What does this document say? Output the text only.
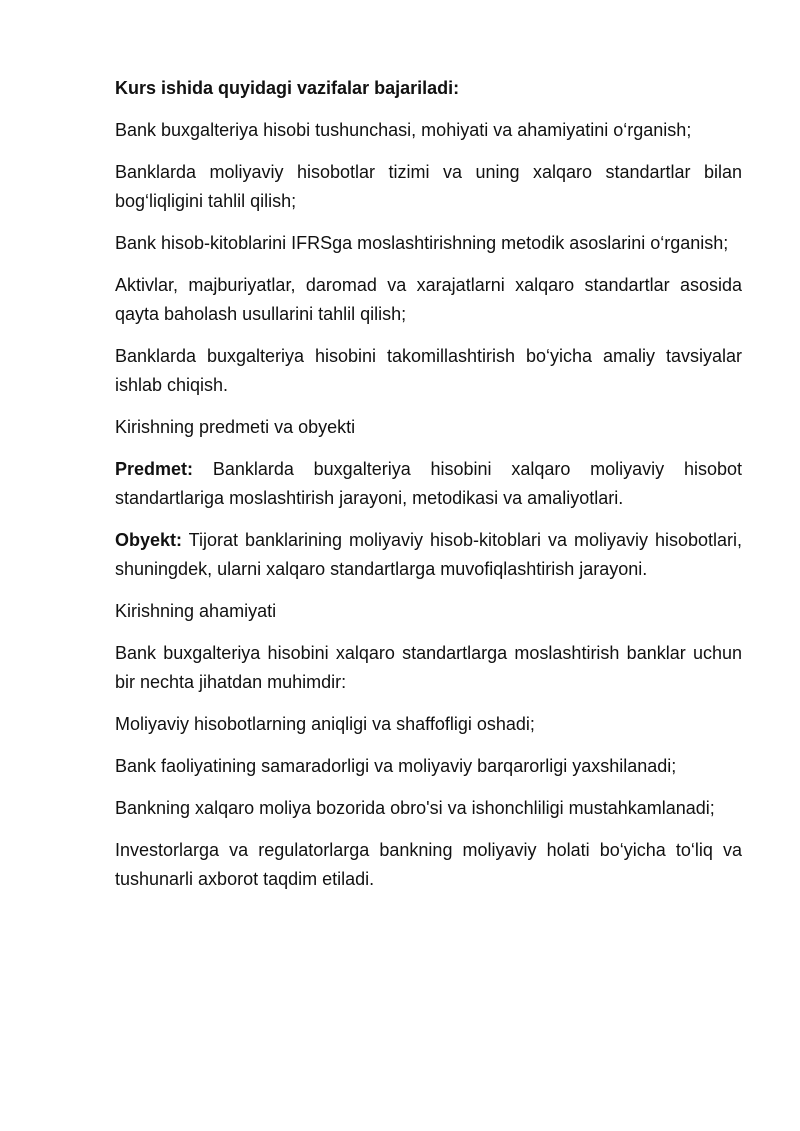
Kurs ishida quyidagi vazifalar bajariladi:

Bank buxgalteriya hisobi tushunchasi, mohiyati va ahamiyatini o‘rganish;

Banklarda moliyaviy hisobotlar tizimi va uning xalqaro standartlar bilan bog‘liqligini tahlil qilish;

Bank hisob-kitoblarini IFRSga moslashtirishning metodik asoslarini o‘rganish;

Aktivlar, majburiyatlar, daromad va xarajatlarni xalqaro standartlar asosida qayta baholash usullarini tahlil qilish;

Banklarda buxgalteriya hisobini takomillashtirish bo‘yicha amaliy tavsiyalar ishlab chiqish.

Kirishning predmeti va obyekti

Predmet: Banklarda buxgalteriya hisobini xalqaro moliyaviy hisobot standartlariga moslashtirish jarayoni, metodikasi va amaliyotlari.

Obyekt: Tijorat banklarining moliyaviy hisob-kitoblari va moliyaviy hisobotlari, shuningdek, ularni xalqaro standartlarga muvofiqlashtirish jarayoni.

Kirishning ahamiyati

Bank buxgalteriya hisobini xalqaro standartlarga moslashtirish banklar uchun bir nechta jihatdan muhimdir:

Moliyaviy hisobotlarning aniqligi va shaffofligi oshadi;

Bank faoliyatining samaradorligi va moliyaviy barqarorligi yaxshilanadi;

Bankning xalqaro moliya bozorida obro'si va ishonchliligi mustahkamlanadi;

Investorlarga va regulatorlarga bankning moliyaviy holati bo‘yicha to‘liq va tushunarli axborot taqdim etiladi.
